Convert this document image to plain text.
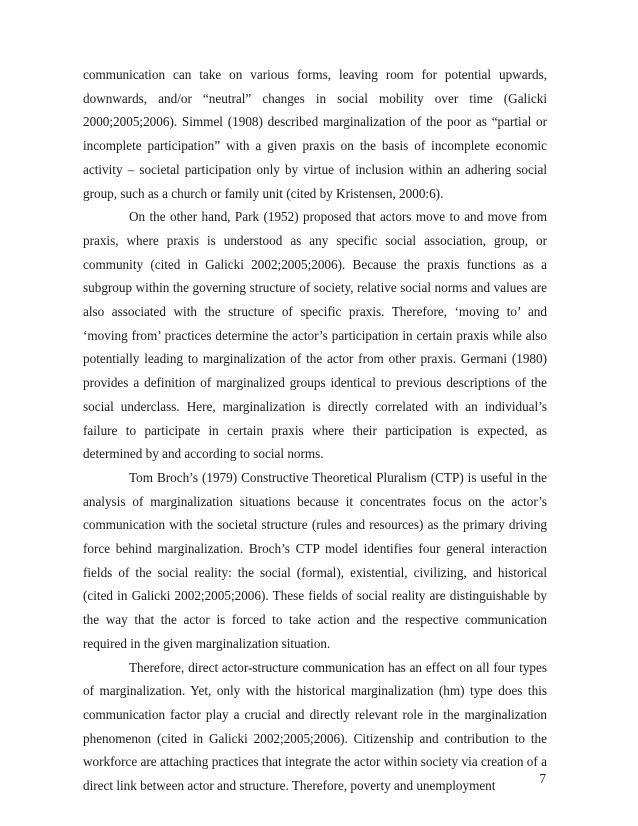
communication can take on various forms, leaving room for potential upwards, downwards, and/or “neutral” changes in social mobility over time (Galicki 2000;2005;2006). Simmel (1908) described marginalization of the poor as “partial or incomplete participation” with a given praxis on the basis of incomplete economic activity – societal participation only by virtue of inclusion within an adhering social group, such as a church or family unit (cited by Kristensen, 2000:6).

On the other hand, Park (1952) proposed that actors move to and move from praxis, where praxis is understood as any specific social association, group, or community (cited in Galicki 2002;2005;2006). Because the praxis functions as a subgroup within the governing structure of society, relative social norms and values are also associated with the structure of specific praxis. Therefore, ‘moving to’ and ‘moving from’ practices determine the actor’s participation in certain praxis while also potentially leading to marginalization of the actor from other praxis. Germani (1980) provides a definition of marginalized groups identical to previous descriptions of the social underclass. Here, marginalization is directly correlated with an individual’s failure to participate in certain praxis where their participation is expected, as determined by and according to social norms.

Tom Broch’s (1979) Constructive Theoretical Pluralism (CTP) is useful in the analysis of marginalization situations because it concentrates focus on the actor’s communication with the societal structure (rules and resources) as the primary driving force behind marginalization. Broch’s CTP model identifies four general interaction fields of the social reality: the social (formal), existential, civilizing, and historical (cited in Galicki 2002;2005;2006). These fields of social reality are distinguishable by the way that the actor is forced to take action and the respective communication required in the given marginalization situation.

Therefore, direct actor-structure communication has an effect on all four types of marginalization. Yet, only with the historical marginalization (hm) type does this communication factor play a crucial and directly relevant role in the marginalization phenomenon (cited in Galicki 2002;2005;2006). Citizenship and contribution to the workforce are attaching practices that integrate the actor within society via creation of a direct link between actor and structure. Therefore, poverty and unemployment	7
